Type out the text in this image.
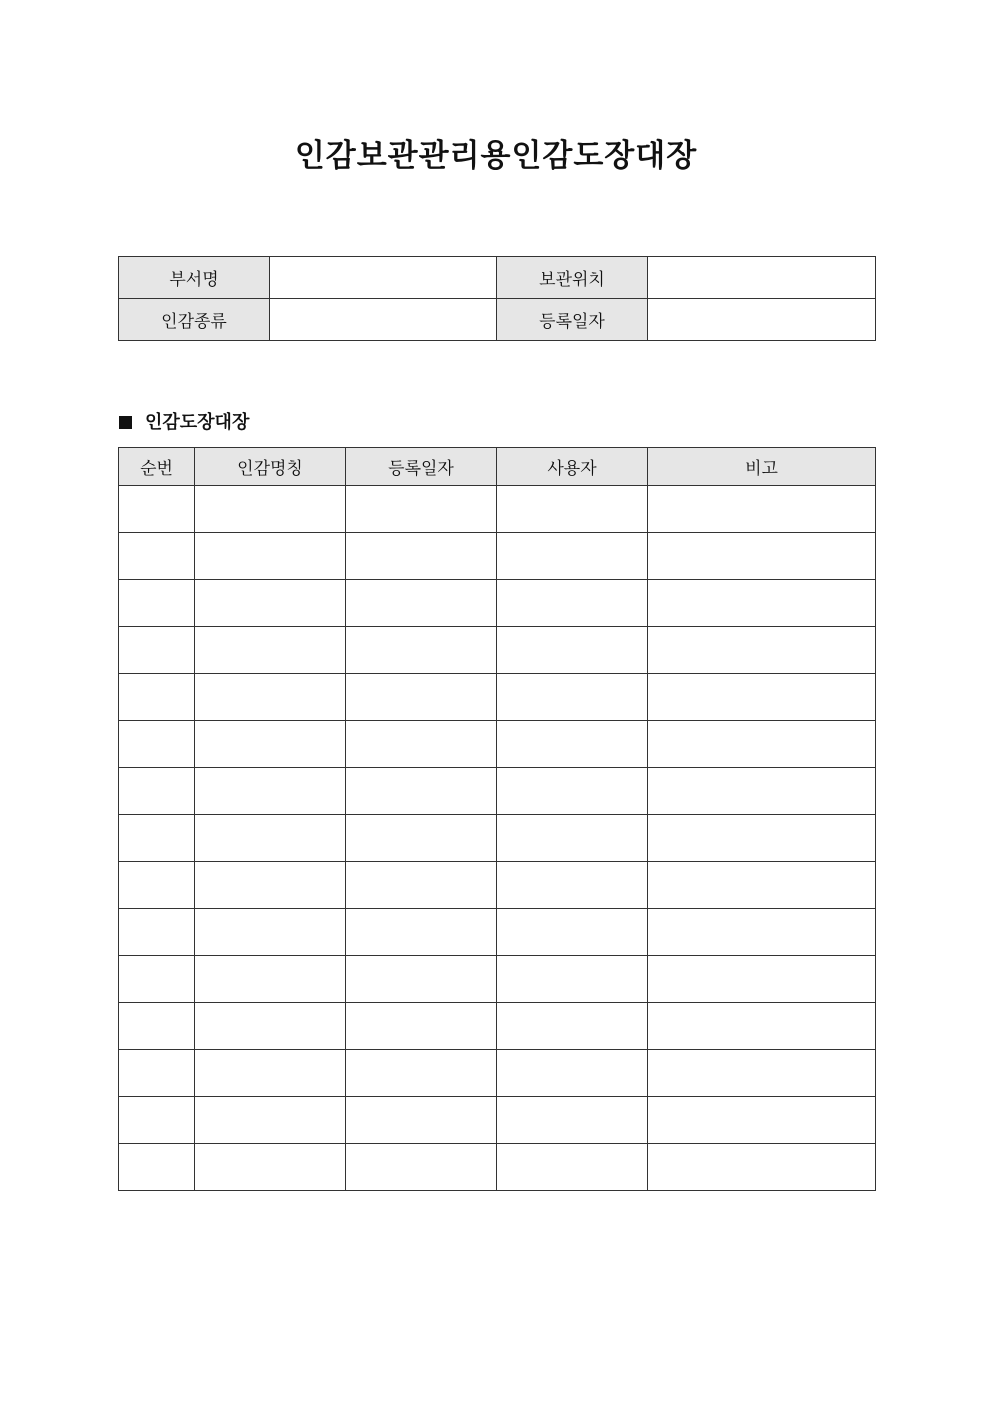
인감보관관리용인감도장대장
부서명		보관위치	
인감종류		등록일자	
인감도장대장
순번	인감명칭	등록일자	사용자	비고
